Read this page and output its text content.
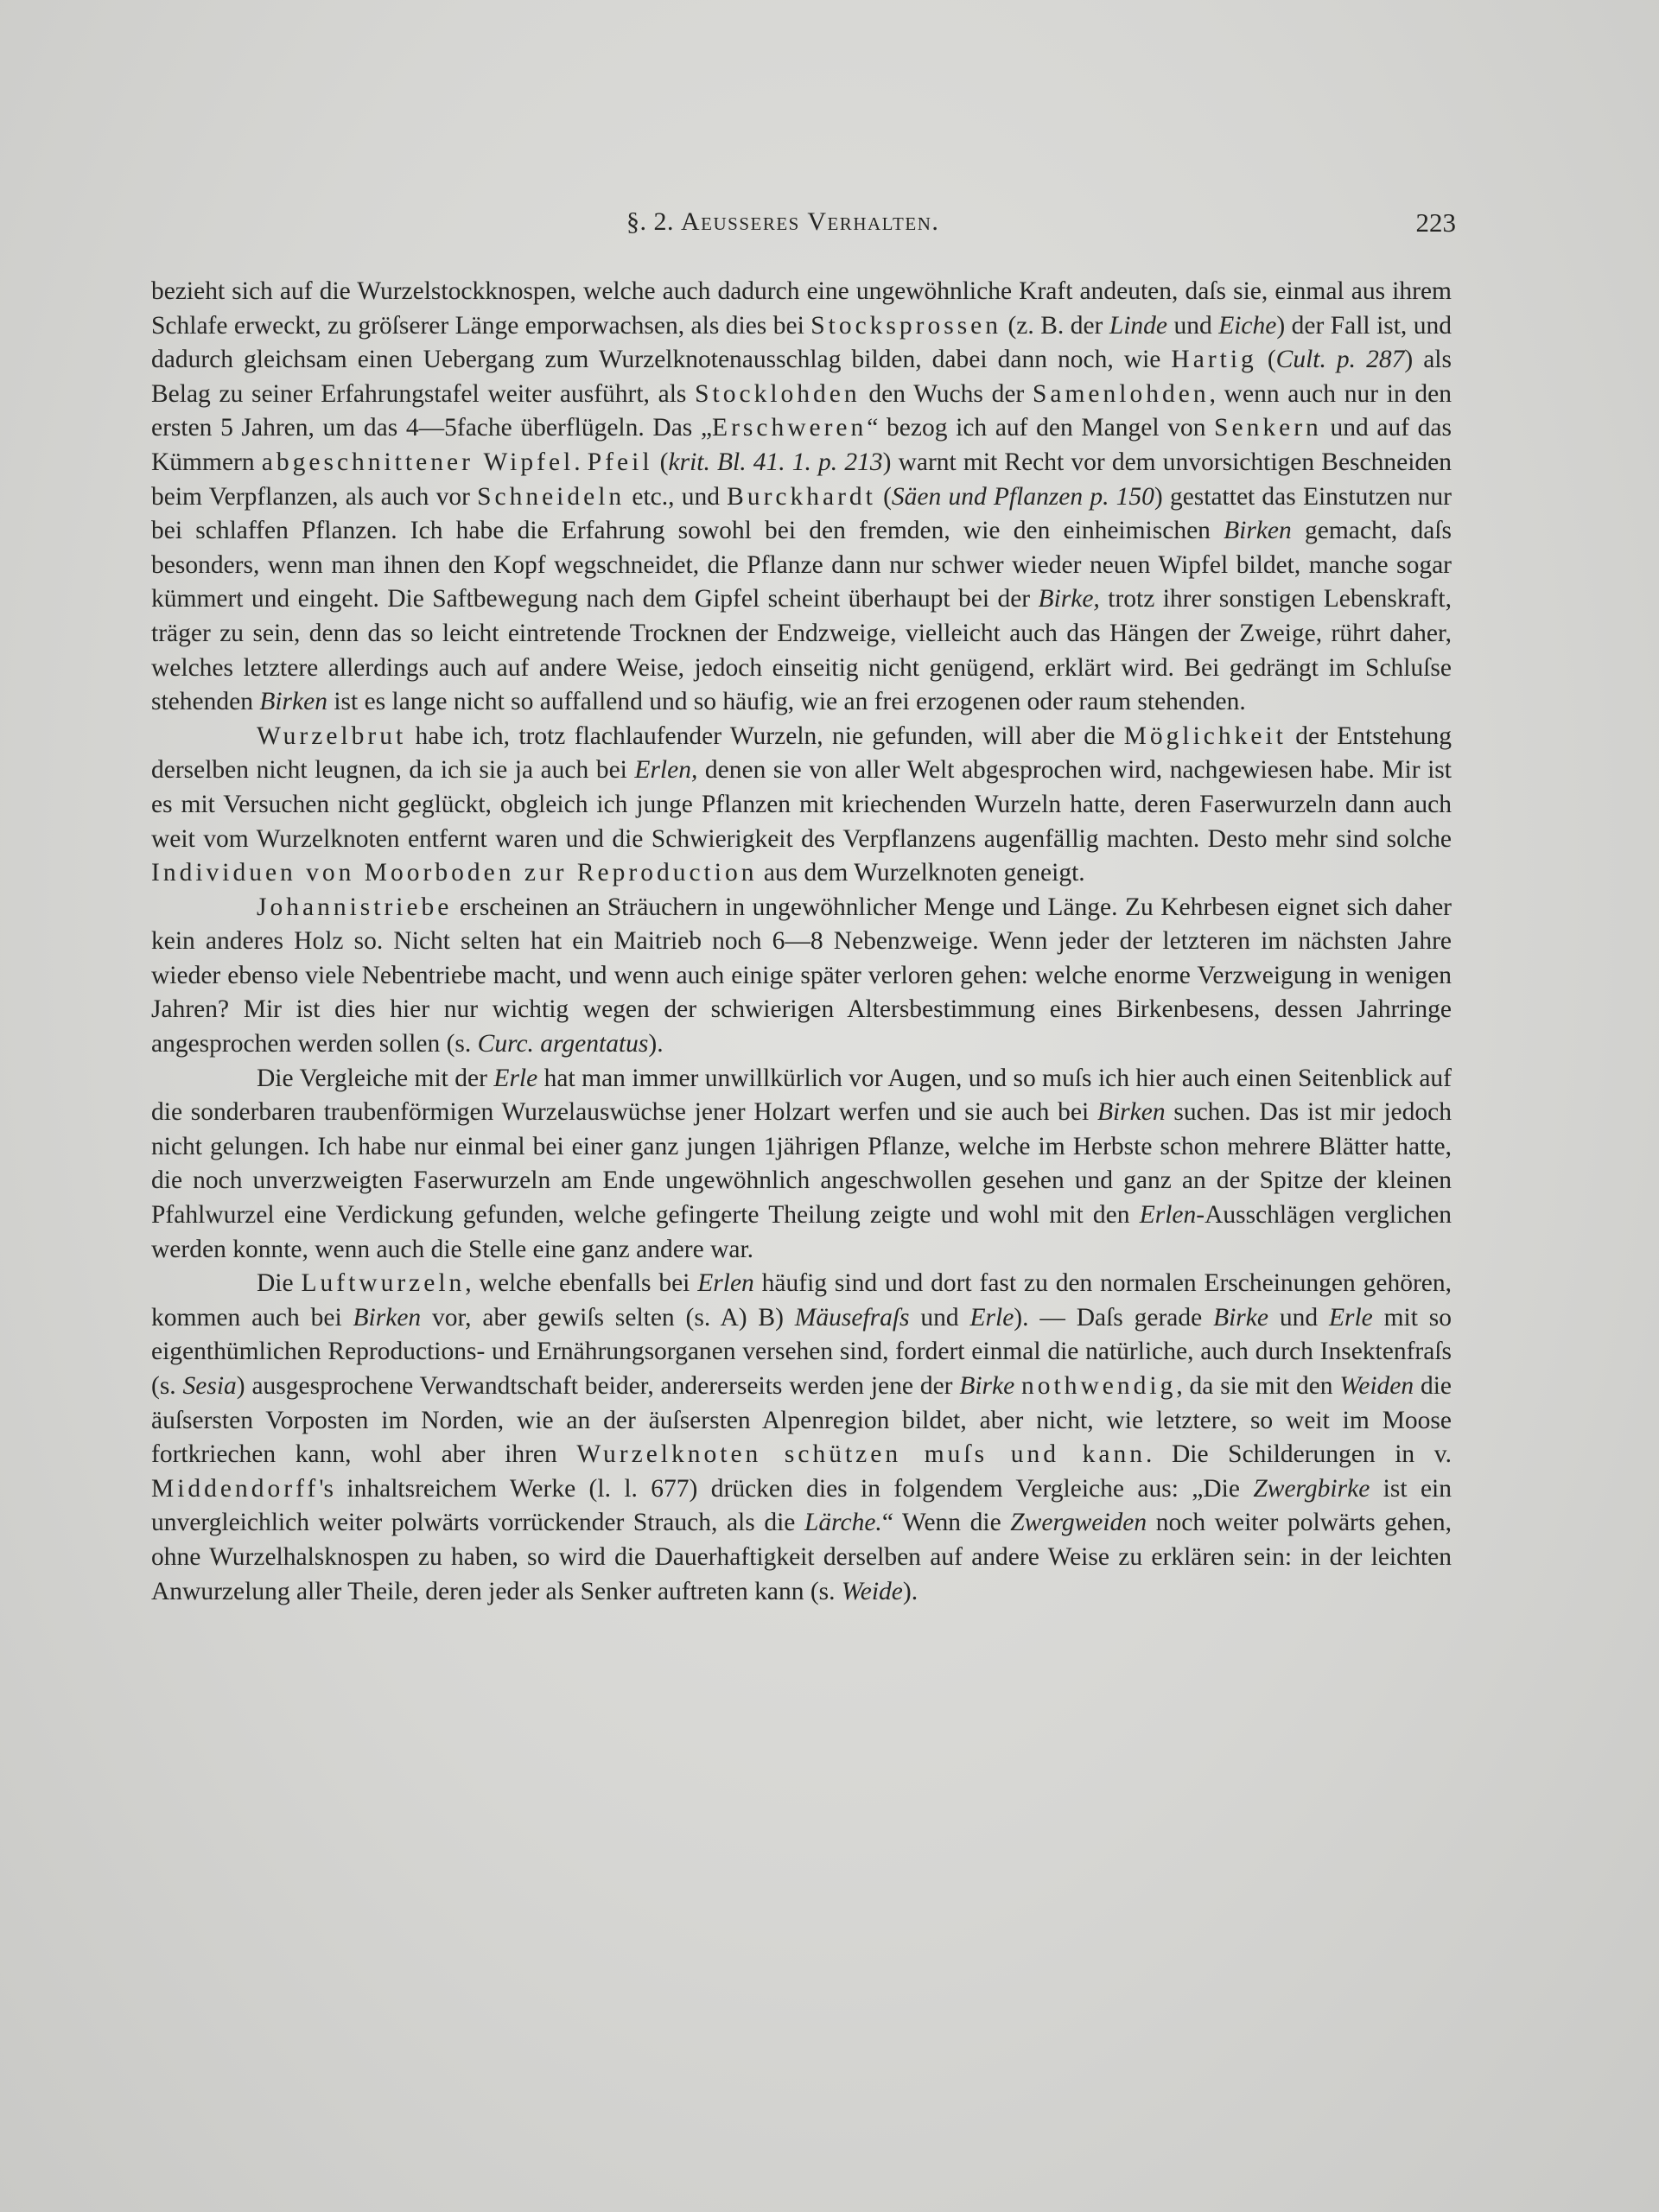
§. 2. Aeusseres Verhalten.	223

bezieht sich auf die Wurzelstockknospen, welche auch dadurch eine ungewöhnliche Kraft andeuten, daſs sie, einmal aus ihrem Schlafe erweckt, zu gröſserer Länge emporwachsen, als dies bei Stocksprossen (z. B. der Linde und Eiche) der Fall ist, und dadurch gleichsam einen Uebergang zum Wurzelknotenausschlag bilden, dabei dann noch, wie Hartig (Cult. p. 287) als Belag zu seiner Erfahrungstafel weiter ausführt, als Stocklohden den Wuchs der Samenlohden, wenn auch nur in den ersten 5 Jahren, um das 4—5fache überflügeln. Das „Erschweren“ bezog ich auf den Mangel von Senkern und auf das Kümmern abgeschnittener Wipfel. Pfeil (krit. Bl. 41. 1. p. 213) warnt mit Recht vor dem unvorsichtigen Beschneiden beim Verpflanzen, als auch vor Schneideln etc., und Burckhardt (Säen und Pflanzen p. 150) gestattet das Einstutzen nur bei schlaffen Pflanzen. Ich habe die Erfahrung sowohl bei den fremden, wie den einheimischen Birken gemacht, daſs besonders, wenn man ihnen den Kopf wegschneidet, die Pflanze dann nur schwer wieder neuen Wipfel bildet, manche sogar kümmert und eingeht. Die Saftbewegung nach dem Gipfel scheint überhaupt bei der Birke, trotz ihrer sonstigen Lebenskraft, träger zu sein, denn das so leicht eintretende Trocknen der Endzweige, vielleicht auch das Hängen der Zweige, rührt daher, welches letztere allerdings auch auf andere Weise, jedoch einseitig nicht genügend, erklärt wird. Bei gedrängt im Schluſse stehenden Birken ist es lange nicht so auffallend und so häufig, wie an frei erzogenen oder raum stehenden.

Wurzelbrut habe ich, trotz flachlaufender Wurzeln, nie gefunden, will aber die Möglichkeit der Entstehung derselben nicht leugnen, da ich sie ja auch bei Erlen, denen sie von aller Welt abgesprochen wird, nachgewiesen habe. Mir ist es mit Versuchen nicht geglückt, obgleich ich junge Pflanzen mit kriechenden Wurzeln hatte, deren Faserwurzeln dann auch weit vom Wurzelknoten entfernt waren und die Schwierigkeit des Verpflanzens augenfällig machten. Desto mehr sind solche Individuen von Moorboden zur Reproduction aus dem Wurzelknoten geneigt.

Johannistriebe erscheinen an Sträuchern in ungewöhnlicher Menge und Länge. Zu Kehrbesen eignet sich daher kein anderes Holz so. Nicht selten hat ein Maitrieb noch 6—8 Nebenzweige. Wenn jeder der letzteren im nächsten Jahre wieder ebenso viele Nebentriebe macht, und wenn auch einige später verloren gehen: welche enorme Verzweigung in wenigen Jahren? Mir ist dies hier nur wichtig wegen der schwierigen Altersbestimmung eines Birkenbesens, dessen Jahrringe angesprochen werden sollen (s. Curc. argentatus).

Die Vergleiche mit der Erle hat man immer unwillkürlich vor Augen, und so muſs ich hier auch einen Seitenblick auf die sonderbaren traubenförmigen Wurzelauswüchse jener Holzart werfen und sie auch bei Birken suchen. Das ist mir jedoch nicht gelungen. Ich habe nur einmal bei einer ganz jungen 1jährigen Pflanze, welche im Herbste schon mehrere Blätter hatte, die noch unverzweigten Faserwurzeln am Ende ungewöhnlich angeschwollen gesehen und ganz an der Spitze der kleinen Pfahlwurzel eine Verdickung gefunden, welche gefingerte Theilung zeigte und wohl mit den Erlen-Ausschlägen verglichen werden konnte, wenn auch die Stelle eine ganz andere war.

Die Luftwurzeln, welche ebenfalls bei Erlen häufig sind und dort fast zu den normalen Erscheinungen gehören, kommen auch bei Birken vor, aber gewiſs selten (s. A) B) Mäusefraſs und Erle). — Daſs gerade Birke und Erle mit so eigenthümlichen Reproductions- und Ernährungsorganen versehen sind, fordert einmal die natürliche, auch durch Insektenfraſs (s. Sesia) ausgesprochene Verwandtschaft beider, andererseits werden jene der Birke nothwendig, da sie mit den Weiden die äuſsersten Vorposten im Norden, wie an der äuſsersten Alpenregion bildet, aber nicht, wie letztere, so weit im Moose fortkriechen kann, wohl aber ihren Wurzelknoten schützen muſs und kann. Die Schilderungen in v. Middendorff's inhaltsreichem Werke (l. l. 677) drücken dies in folgendem Vergleiche aus: „Die Zwergbirke ist ein unvergleichlich weiter polwärts vorrückender Strauch, als die Lärche.“ Wenn die Zwergweiden noch weiter polwärts gehen, ohne Wurzelhalsknospen zu haben, so wird die Dauerhaftigkeit derselben auf andere Weise zu erklären sein: in der leichten Anwurzelung aller Theile, deren jeder als Senker auftreten kann (s. Weide).
